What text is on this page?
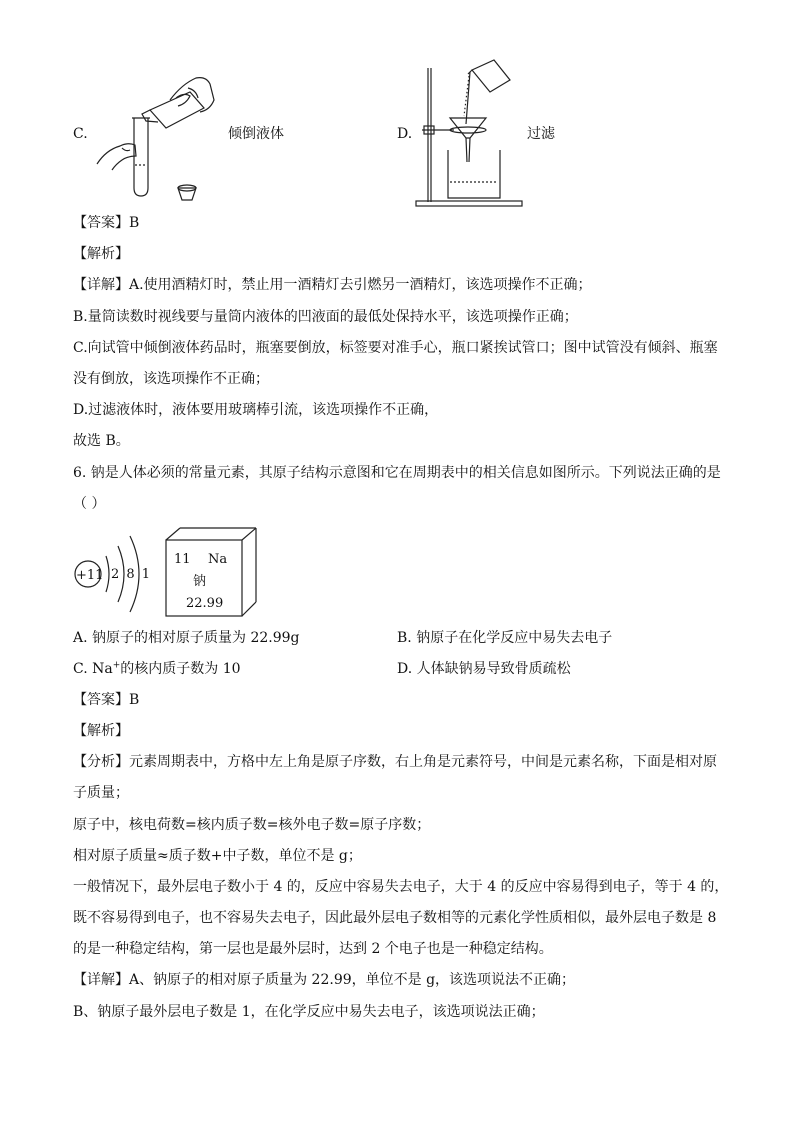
C.	倾倒液体	D.	过滤
【答案】B
【解析】
【详解】A.使用酒精灯时，禁止用一酒精灯去引燃另一酒精灯，该选项操作不正确；
B.量筒读数时视线要与量筒内液体的凹液面的最低处保持水平，该选项操作正确；
C.向试管中倾倒液体药品时，瓶塞要倒放，标签要对准手心，瓶口紧挨试管口；图中试管没有倾斜、瓶塞
没有倒放，该选项操作不正确；
D.过滤液体时，液体要用玻璃棒引流，该选项操作不正确，
故选 B。
6. 钠是人体必须的常量元素，其原子结构示意图和它在周期表中的相关信息如图所示。下列说法正确的是
（ ）
+11 2 8 1
11 Na
钠
22.99
A. 钠原子的相对原子质量为 22.99g	B. 钠原子在化学反应中易失去电子
C. Na+的核内质子数为 10	D. 人体缺钠易导致骨质疏松
【答案】B
【解析】
【分析】元素周期表中，方格中左上角是原子序数，右上角是元素符号，中间是元素名称，下面是相对原
子质量；
原子中，核电荷数=核内质子数=核外电子数=原子序数；
相对原子质量≈质子数+中子数，单位不是 g；
一般情况下，最外层电子数小于 4 的，反应中容易失去电子，大于 4 的反应中容易得到电子，等于 4 的，
既不容易得到电子，也不容易失去电子，因此最外层电子数相等的元素化学性质相似，最外层电子数是 8
的是一种稳定结构，第一层也是最外层时，达到 2 个电子也是一种稳定结构。
【详解】A、钠原子的相对原子质量为 22.99，单位不是 g，该选项说法不正确；
B、钠原子最外层电子数是 1，在化学反应中易失去电子，该选项说法正确；
